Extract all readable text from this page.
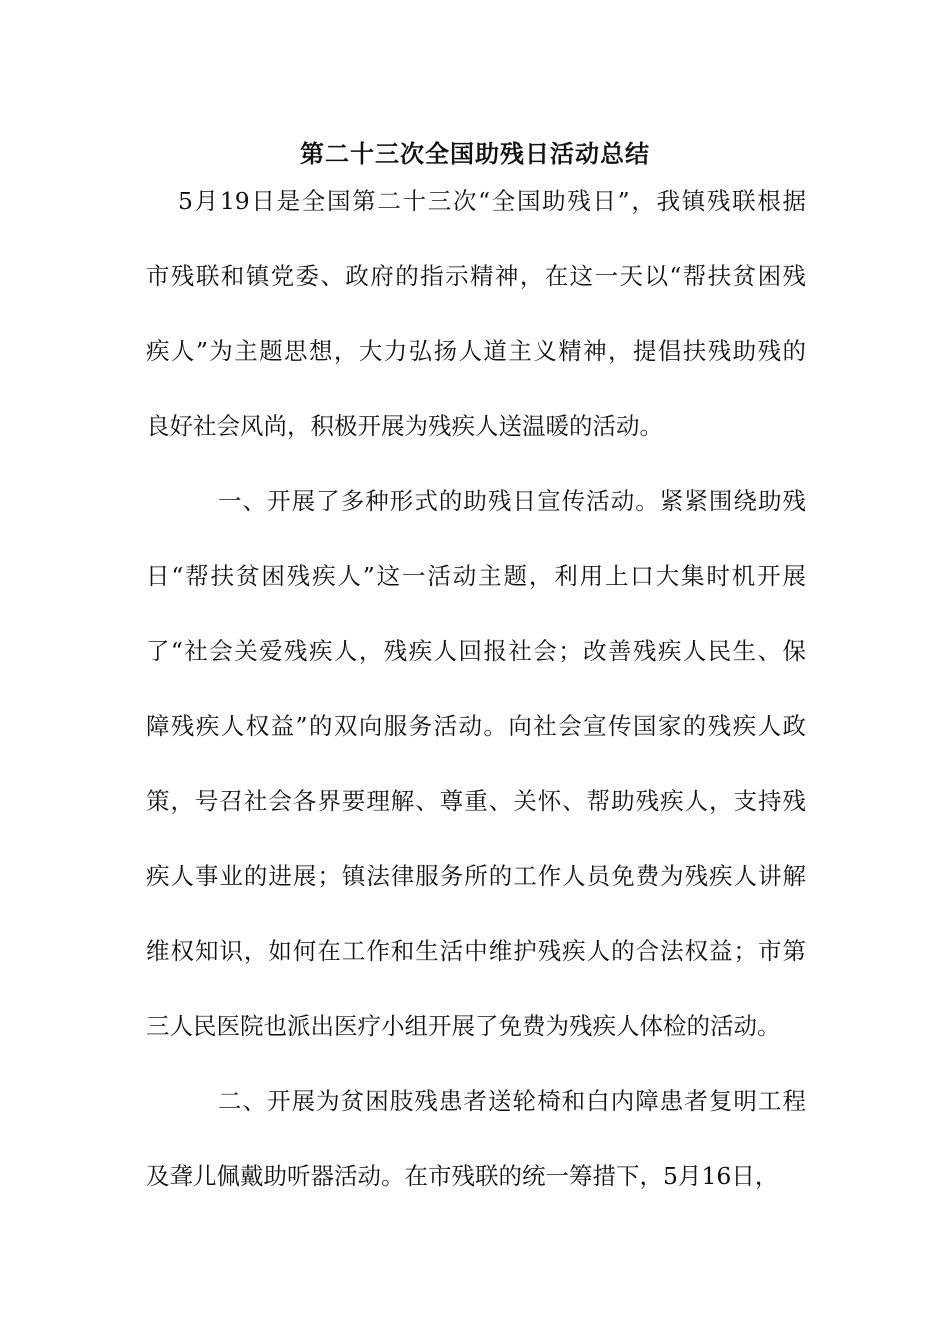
第二十三次全国助残日活动总结

5月19日是全国第二十三次“全国助残日”，我镇残联根据

市残联和镇党委、政府的指示精神，在这一天以“帮扶贫困残

疾人”为主题思想，大力弘扬人道主义精神，提倡扶残助残的

良好社会风尚，积极开展为残疾人送温暖的活动。

一、开展了多种形式的助残日宣传活动。紧紧围绕助残

日“帮扶贫困残疾人”这一活动主题，利用上口大集时机开展

了“社会关爱残疾人，残疾人回报社会；改善残疾人民生、保

障残疾人权益”的双向服务活动。向社会宣传国家的残疾人政

策，号召社会各界要理解、尊重、关怀、帮助残疾人，支持残

疾人事业的进展；镇法律服务所的工作人员免费为残疾人讲解

维权知识，如何在工作和生活中维护残疾人的合法权益；市第

三人民医院也派出医疗小组开展了免费为残疾人体检的活动。

二、开展为贫困肢残患者送轮椅和白内障患者复明工程

及聋儿佩戴助听器活动。在市残联的统一筹措下，5月16日，
